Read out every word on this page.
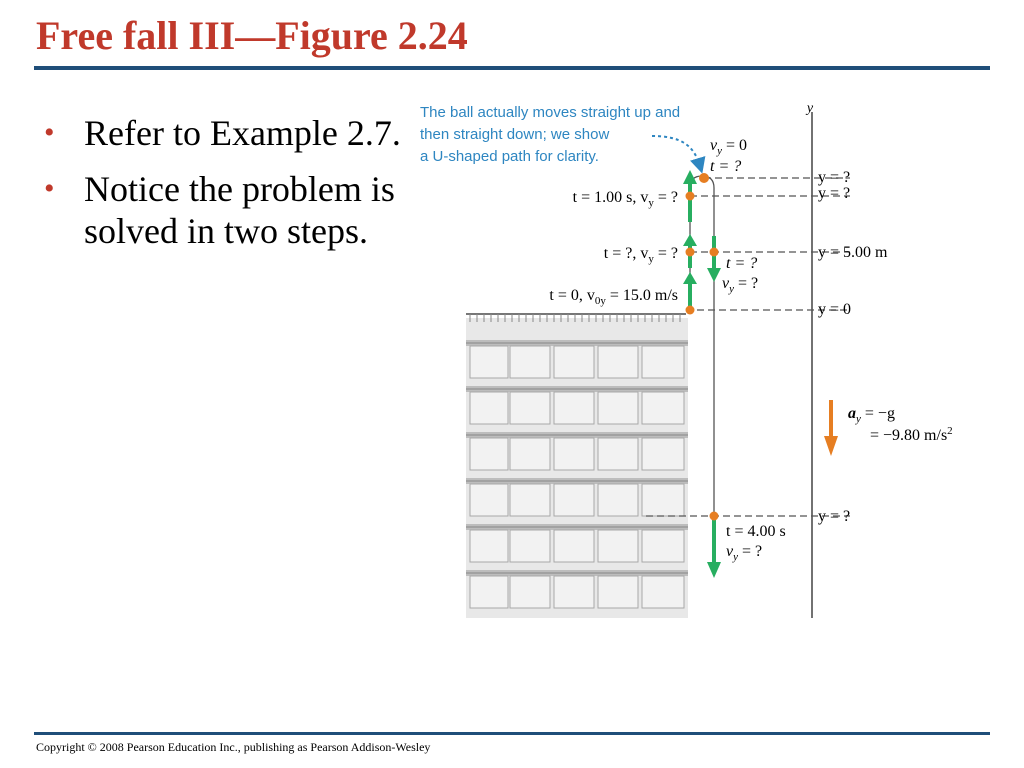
Free fall III—Figure 2.24
• Refer to Example 2.7.
• Notice the problem is solved in two steps.
y
The ball actually moves straight up and
then straight down; we show
a U-shaped path for clarity.
$v_y = 0$
t = ?
t = 1.00 s, $v_y$ = ?
t = ?, $v_y$ = ?
t = 0, $v_{0y} = 15.0$ m/s
t = ?
$v_y$ = ?
t = 4.00 s
$v_y$ = ?
y = ?
y = ?
y = 5.00 m
y = 0
y = ?
$a_y = -g$
= −9.80 $m/s^2$
Copyright © 2008 Pearson Education Inc., publishing as Pearson Addison-Wesley
